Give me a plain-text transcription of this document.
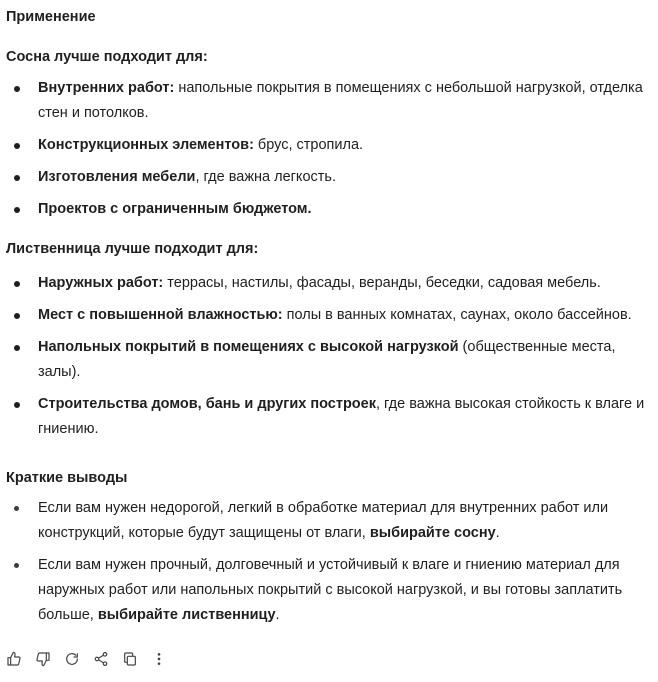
Применение
Сосна лучше подходит для:
Внутренних работ: напольные покрытия в помещениях с небольшой нагрузкой, отделка стен и потолков.
Конструкционных элементов: брус, стропила.
Изготовления мебели, где важна легкость.
Проектов с ограниченным бюджетом.
Лиственница лучше подходит для:
Наружных работ: террасы, настилы, фасады, веранды, беседки, садовая мебель.
Мест с повышенной влажностью: полы в ванных комнатах, саунах, около бассейнов.
Напольных покрытий в помещениях с высокой нагрузкой (общественные места, залы).
Строительства домов, бань и других построек, где важна высокая стойкость к влаге и гниению.
Краткие выводы
Если вам нужен недорогой, легкий в обработке материал для внутренних работ или конструкций, которые будут защищены от влаги, выбирайте сосну.
Если вам нужен прочный, долговечный и устойчивый к влаге и гниению материал для наружных работ или напольных покрытий с высокой нагрузкой, и вы готовы заплатить больше, выбирайте лиственницу.
